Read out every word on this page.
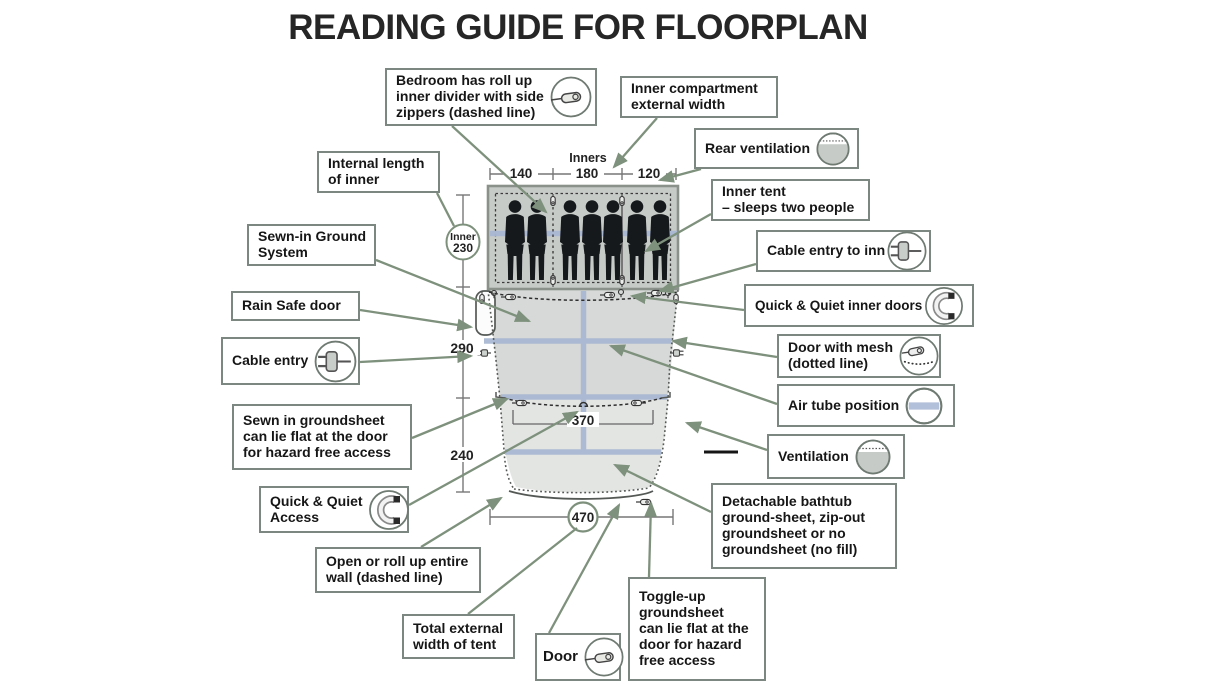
READING GUIDE FOR FLOORPLAN
370
Inners
140	180	120
Inner
230
290
240
470
Bedroom has roll up
inner divider with side
zippers (dashed line)
Inner compartment
external width
Internal length
of inner
Rear ventilation
Inner tent
– sleeps two people
Sewn-in Ground
System	Cable entry to inn
Rain Safe door	Quick & Quiet inner doors
Cable entry
Door with mesh
(dotted line)
Air tube position
Sewn in groundsheet
can lie flat at the door
for hazard free access	Ventilation
Quick & Quiet
Access
Detachable bathtub
ground-sheet, zip-out
groundsheet or no
groundsheet (no fill)
Open or roll up entire
wall (dashed line)
Total external
width of tent
Door
Toggle-up
groundsheet
can lie flat at the
door for hazard
free access
